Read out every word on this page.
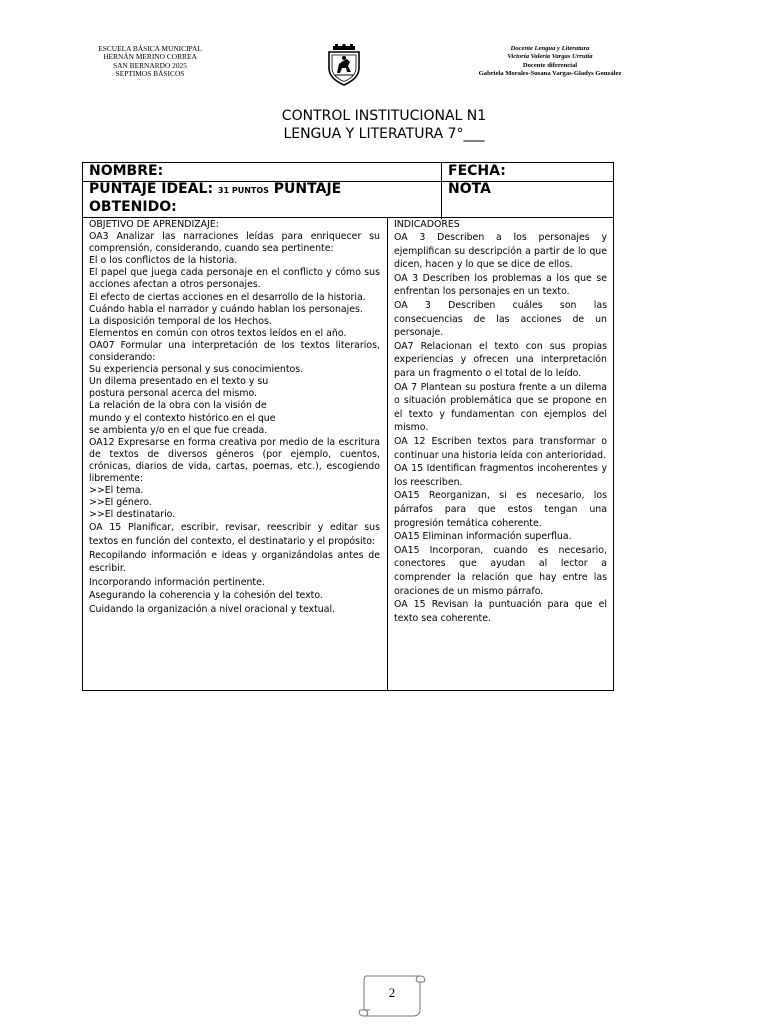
ESCUELA BÁSICA MUNICIPAL
HERNÁN MERINO CORREA
SAN BERNARDO 2025
SEPTIMOS BÁSICOS
Docente Lengua y Literatura
Victoria Valeria Vargas Urrutia
Docente diferencial
Gabriela Morales-Susana Vargas-Gladys González
CONTROL INSTITUCIONAL N1
LENGUA Y LITERATURA 7°___
NOMBRE:	FECHA:
PUNTAJE IDEAL: 31 PUNTOS PUNTAJE
OBTENIDO:
NOTA

OBJETIVO DE APRENDIZAJE:

OA3 Analizar las narraciones leídas para enriquecer su comprensión, considerando, cuando sea pertinente:

El o los conflictos de la historia.

El papel que juega cada personaje en el conflicto y cómo sus acciones afectan a otros personajes.

El efecto de ciertas acciones en el desarrollo de la historia.

Cuándo habla el narrador y cuándo hablan los personajes.

La disposición temporal de los Hechos.

Elementos en común con otros textos leídos en el año.

OA07 Formular una interpretación de los textos literarios, considerando:

Su experiencia personal y sus conocimientos.

Un dilema presentado en el texto y su

postura personal acerca del mismo.

La relación de la obra con la visión de

mundo y el contexto histórico en el que

se ambienta y/o en el que fue creada.

OA12 Expresarse en forma creativa por medio de la escritura de textos de diversos géneros (por ejemplo, cuentos, crónicas, diarios de vida, cartas, poemas, etc.), escogiendo libremente:

>>El tema.

>>El género.

>>El destinatario.

OA 15 Planificar, escribir, revisar, reescribir y editar sus textos en función del contexto, el destinatario y el propósito:

Recopilando información e ideas y organizándolas antes de escribir.

Incorporando información pertinente.

Asegurando la coherencia y la cohesión del texto.

Cuidando la organización a nivel oracional y textual.

INDICADORES

OA 3 Describen a los personajes y ejemplifican su descripción a partir de lo que dicen, hacen y lo que se dice de ellos.

OA 3 Describen los problemas a los que se enfrentan los personajes en un texto.

OA 3 Describen cuáles son las consecuencias de las acciones de un personaje.

OA7 Relacionan el texto con sus propias experiencias y ofrecen una interpretación para un fragmento o el total de lo leído.

OA 7 Plantean su postura frente a un dilema o situación problemática que se propone en el texto y fundamentan con ejemplos del mismo.

OA 12 Escriben textos para transformar o continuar una historia leída con anterioridad.

OA 15 Identifican fragmentos incoherentes y los reescriben.

OA15 Reorganizan, si es necesario, los párrafos para que estos tengan una progresión temática coherente.

OA15 Eliminan información superflua.

OA15 Incorporan, cuando es necesario, conectores que ayudan al lector a comprender la relación que hay entre las oraciones de un mismo párrafo.

OA 15 Revisan la puntuación para que el texto sea coherente.

2
